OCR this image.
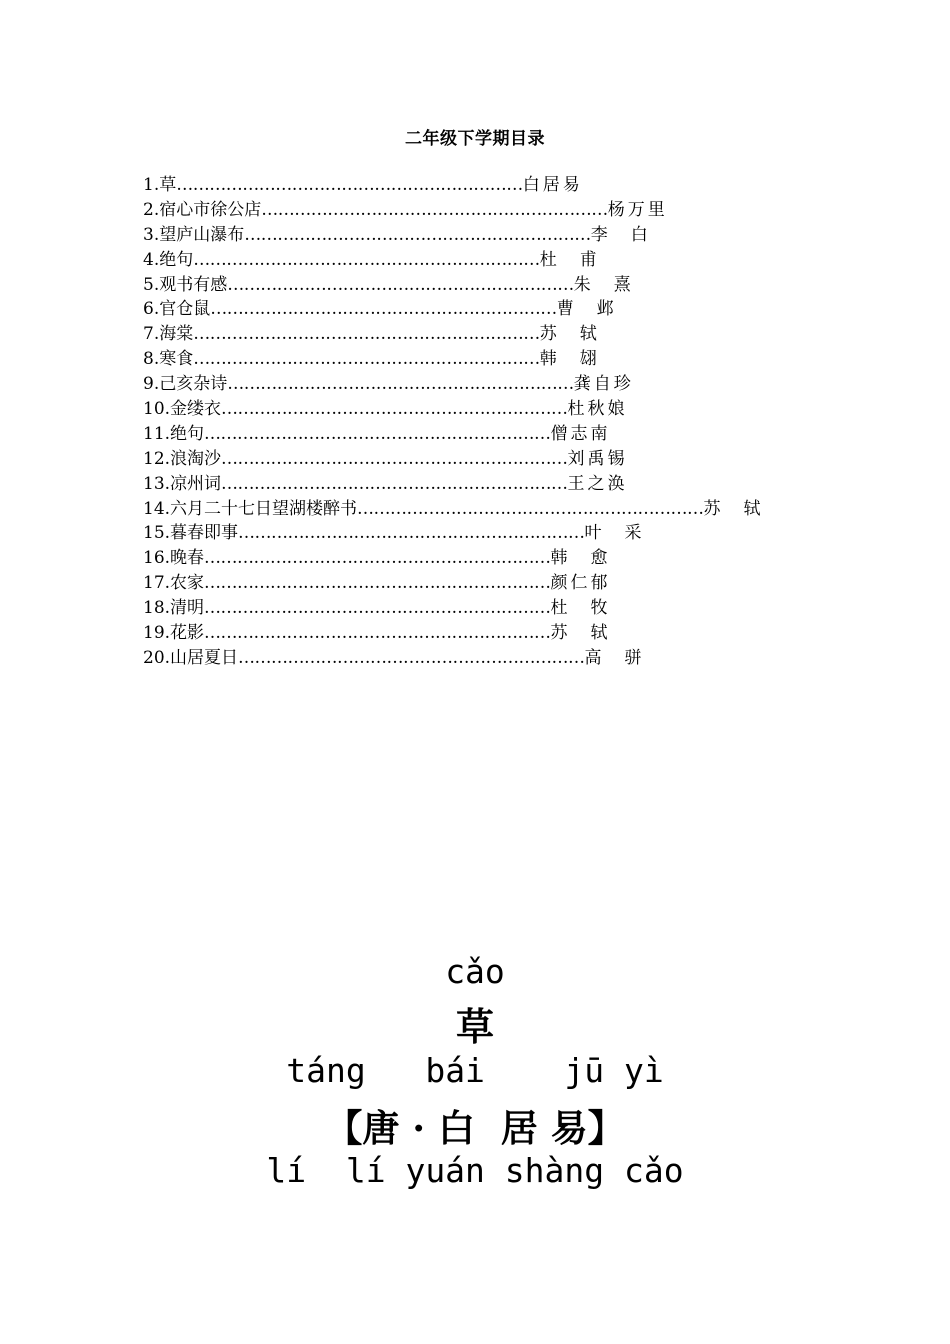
二年级下学期目录
1. 草 ……………………………………………………… 白居易
2. 宿心市徐公店 ……………………………………………………… 杨万里
3. 望庐山瀑布 ……………………………………………………… 李　白
4. 绝句 ……………………………………………………… 杜　甫
5. 观书有感 ……………………………………………………… 朱　熹
6. 官仓鼠 ……………………………………………………… 曹　邺
7. 海棠 ……………………………………………………… 苏　轼
8. 寒食 ……………………………………………………… 韩　翃
9. 己亥杂诗 ……………………………………………………… 龚自珍
10. 金缕衣 ……………………………………………………… 杜秋娘
11. 绝句 ……………………………………………………… 僧志南
12. 浪淘沙 ……………………………………………………… 刘禹锡
13. 凉州词 ……………………………………………………… 王之涣
14. 六月二十七日望湖楼醉书 ……………………………………………………… 苏　轼
15. 暮春即事 ……………………………………………………… 叶　采
16. 晚春 ……………………………………………………… 韩　愈
17. 农家 ……………………………………………………… 颜仁郁
18. 清明 ……………………………………………………… 杜　牧
19. 花影 ……………………………………………………… 苏　轼
20. 山居夏日 ……………………………………………………… 高　骈
cǎo
草
táng   bái    jū yì
【唐 · 白  居 易】
lí  lí yuán shàng cǎo
